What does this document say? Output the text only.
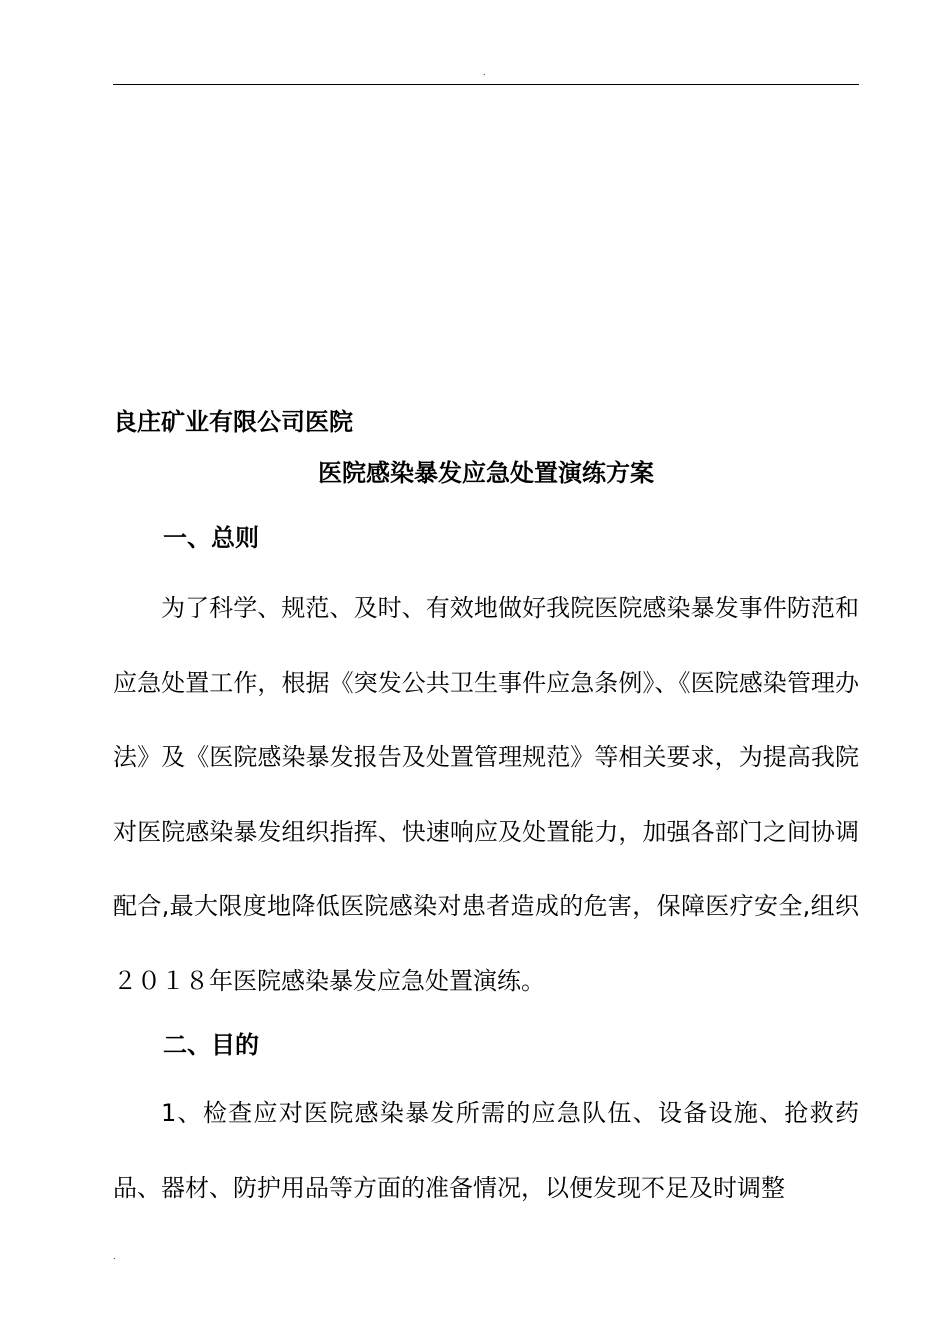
.
良庄矿业有限公司医院
医院感染暴发应急处置演练方案
一、总则

为了科学、规范、及时、有效地做好我院医院感染暴发事件防范和应急处置工作，根据《突发公共卫生事件应急条例》、《医院感染管理办法》及《医院感染暴发报告及处置管理规范》等相关要求，为提高我院对医院感染暴发组织指挥、快速响应及处置能力，加强各部门之间协调配合,最大限度地降低医院感染对患者造成的危害，保障医疗安全,组织２０１８年医院感染暴发应急处置演练。

二、目的

1、检查应对医院感染暴发所需的应急队伍、设备设施、抢救药品、器材、防护用品等方面的准备情况，以便发现不足及时调整

.
